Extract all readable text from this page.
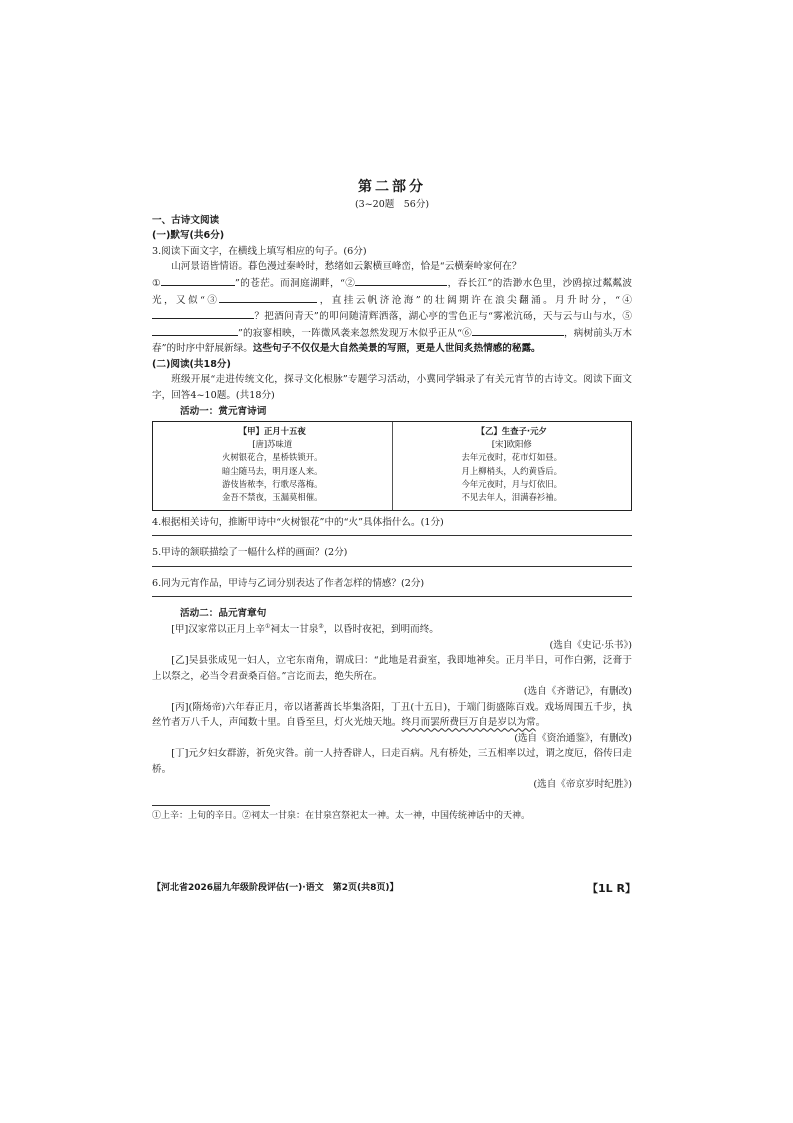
第二部分
(3~20题　56分)
一、古诗文阅读
(一)默写(共6分)

3.阅读下面文字，在横线上填写相应的句子。(6分)

山河景语皆情语。暮色漫过秦岭时，愁绪如云絮横亘峰峦，恰是“云横秦岭家何在？
①	”的苍茫。而洞庭湖畔，“②	，吞长江”的浩渺水色里，沙鸥掠过粼粼波光，又似“③	，直挂云帆济沧海”的壮阔期许在浪尖翻涌。月升时分，“④？把酒问青天”的叩问随清辉洒落，湖心亭的雪色正与“雾凇沆砀，天与云与山与水，⑤”的寂寥相映，一阵微风袭来忽然发现万木似乎正从“⑥	，病树前头万木春”的时序中舒展新绿。这些句子不仅仅是大自然美景的写照，更是人世间炙热情感的秘露。

(二)阅读(共18分)

班级开展“走进传统文化，探寻文化根脉”专题学习活动，小冀同学辑录了有关元宵节的古诗文。阅读下面文字，回答4~10题。(共18分)

活动一：赏元宵诗词
【甲】正月十五夜
[唐]苏味道
火树银花合，星桥铁锁开。
暗尘随马去，明月逐人来。
游伎皆秾李，行歌尽落梅。
金吾不禁夜，玉漏莫相催。
【乙】生查子·元夕
[宋]欧阳修
去年元夜时，花市灯如昼。
月上柳梢头，人约黄昏后。
今年元夜时，月与灯依旧。
不见去年人，泪满春衫袖。

4.根据相关诗句，推断甲诗中“火树银花”中的“火”具体指什么。(1分)

5.甲诗的颔联描绘了一幅什么样的画面？(2分)

6.同为元宵作品，甲诗与乙词分别表达了作者怎样的情感？(2分)

活动二：品元宵章句

[甲]汉家常以正月上辛①祠太一甘泉②，以昏时夜祀，到明而终。

(选自《史记·乐书》)

[乙]吴县张成见一妇人，立宅东南角，谓成曰：“此地是君蚕室，我即地神矣。正月半日，可作白粥，泛膏于上以祭之，必当令君蚕桑百倍。”言讫而去，绝失所在。

(选自《齐谐记》，有删改)

[丙](隋炀帝)六年春正月，帝以诸蕃酋长毕集洛阳，丁丑(十五日)，于端门街盛陈百戏。戏场周围五千步，执丝竹者万八千人，声闻数十里。自昏至旦，灯火光烛天地。终月而罢所费巨万自是岁以为常。

(选自《资治通鉴》，有删改)

[丁]元夕妇女群游，祈免灾咎。前一人持香辟人，曰走百病。凡有桥处，三五相率以过，谓之度厄，俗传曰走桥。

(选自《帝京岁时纪胜》)

①上辛：上旬的辛日。②祠太一甘泉：在甘泉宫祭祀太一神。太一神，中国传统神话中的天神。

【河北省2026届九年级阶段评估(一)·语文　第2页(共8页)】	【1L R】
